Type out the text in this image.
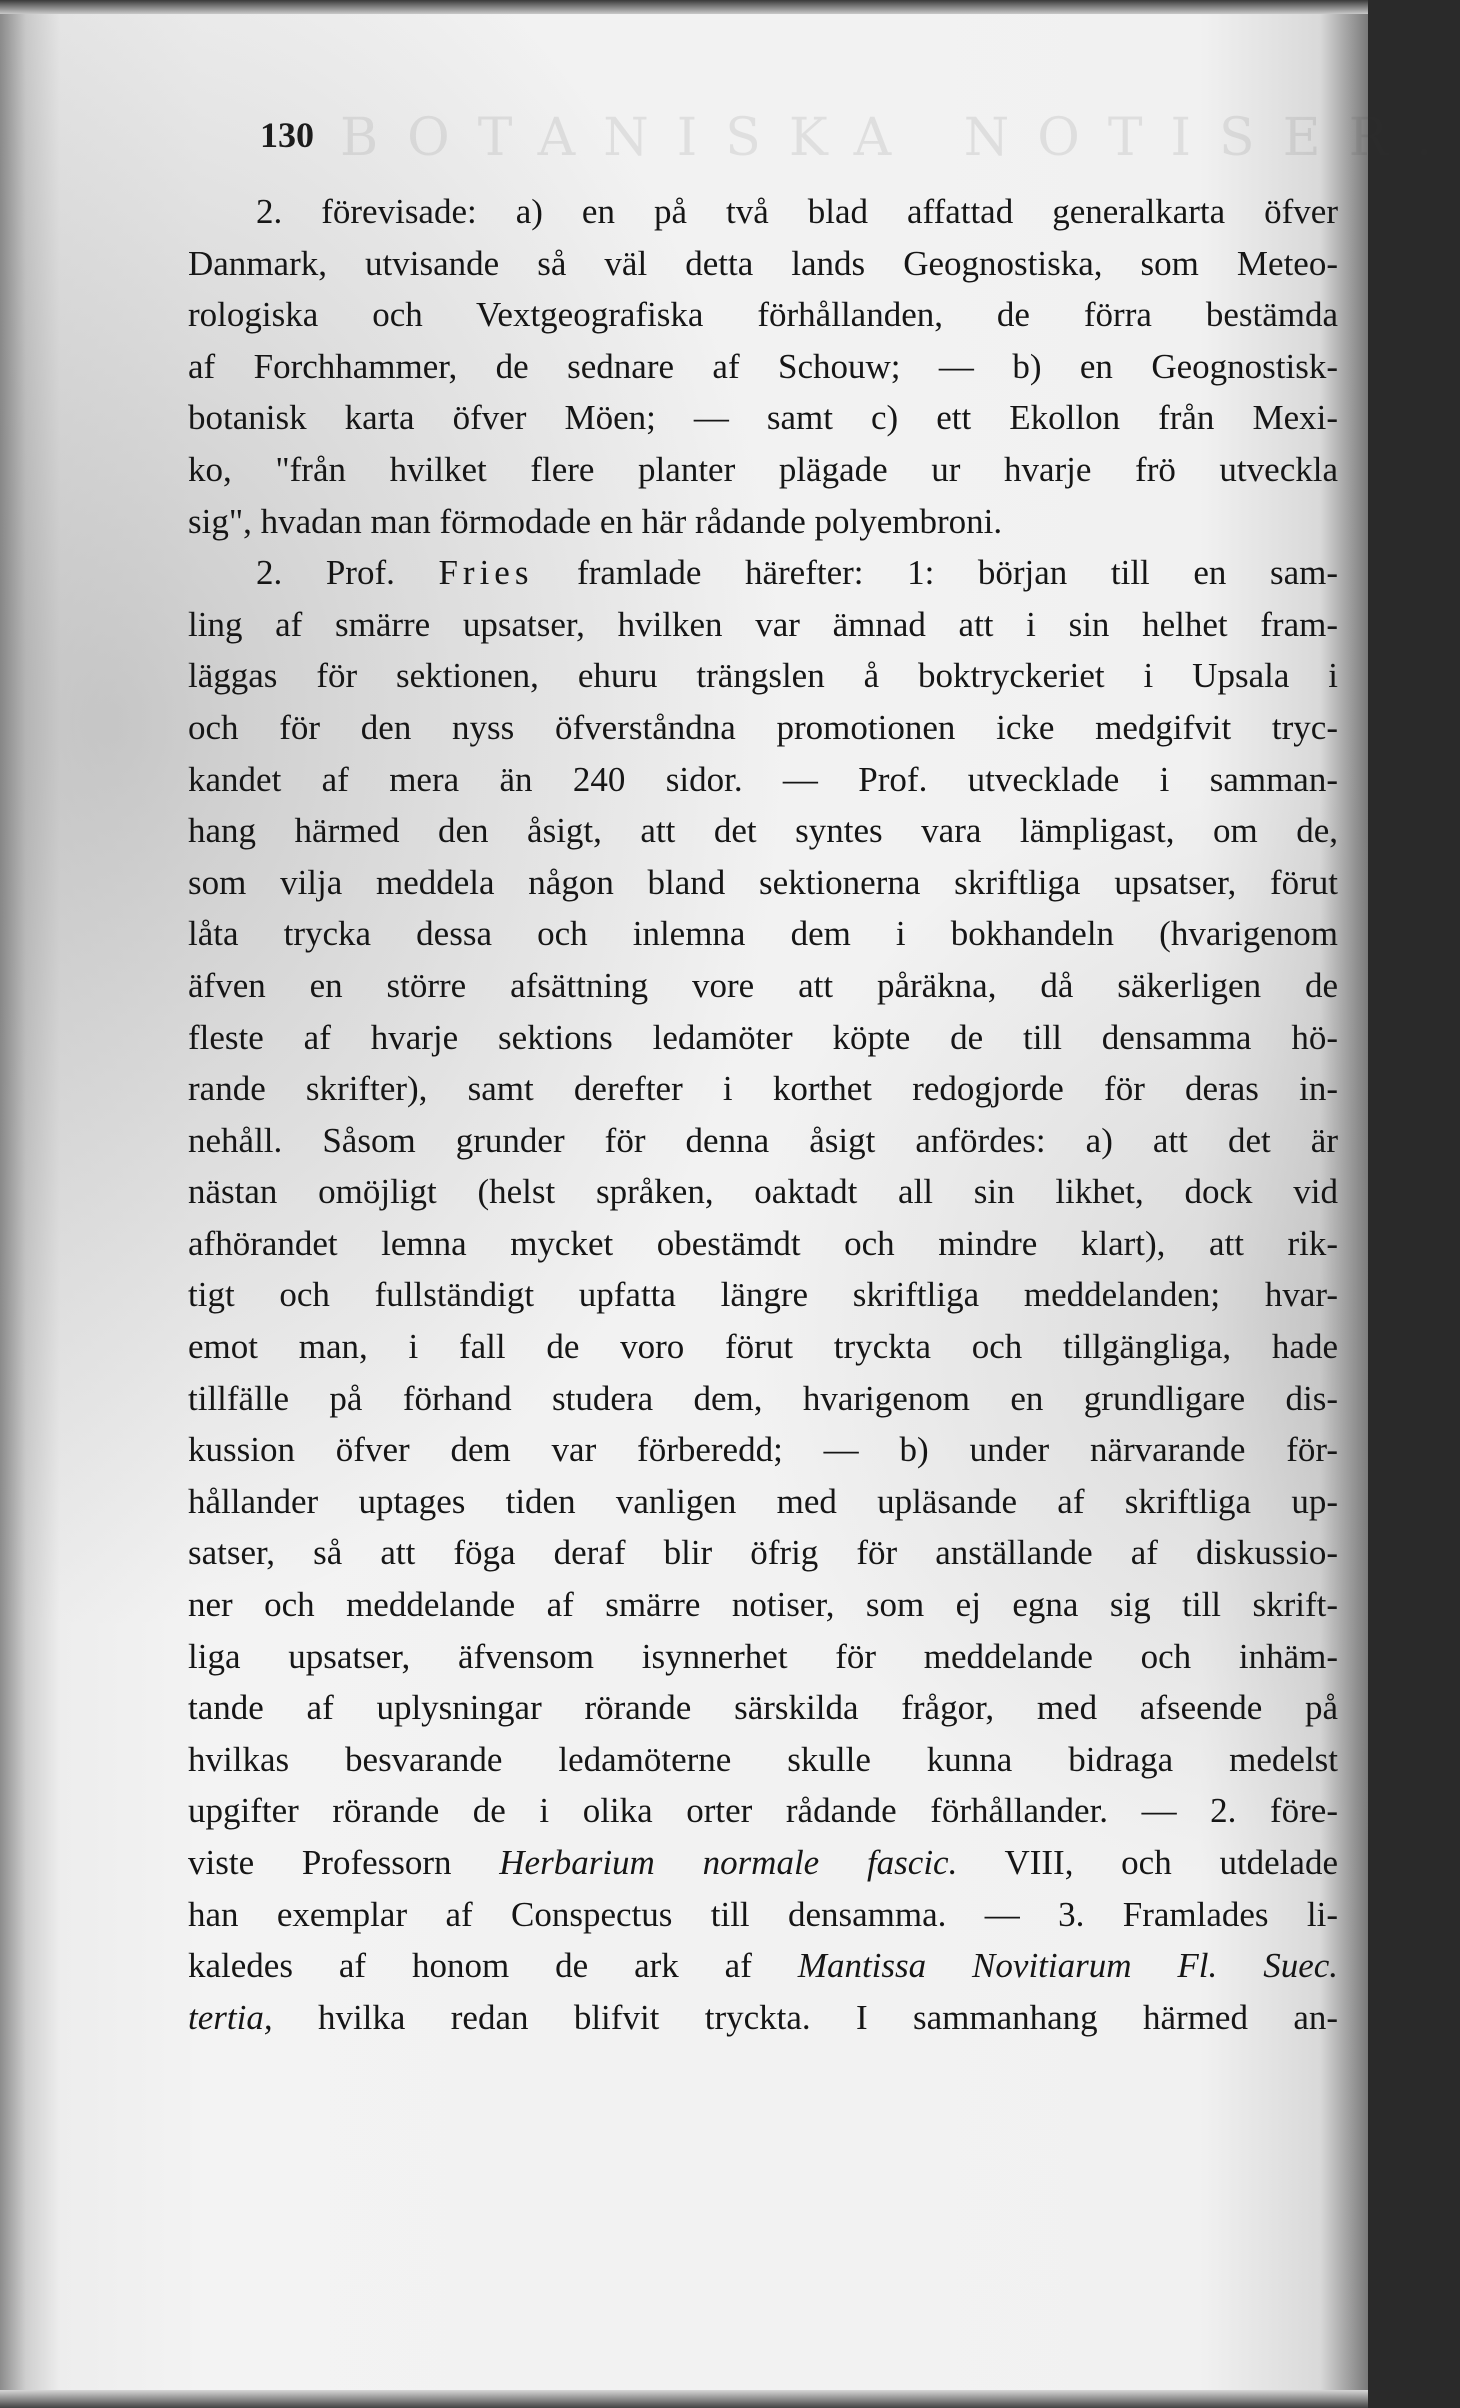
BOTANISKA NOTISER.
130
2. förevisade: a) en på två blad affattad generalkarta öfver
Danmark, utvisande så väl detta lands Geognostiska, som Meteo-
rologiska och Vextgeografiska förhållanden, de förra bestämda
af Forchhammer, de sednare af Schouw; — b) en Geognostisk-
botanisk karta öfver Möen; — samt c) ett Ekollon från Mexi-
ko, "från hvilket flere planter plägade ur hvarje frö utveckla
sig", hvadan man förmodade en här rådande polyembroni.
2. Prof. Fries framlade härefter: 1: början till en sam-
ling af smärre upsatser, hvilken var ämnad att i sin helhet fram-
läggas för sektionen, ehuru trängslen å boktryckeriet i Upsala i
och för den nyss öfverståndna promotionen icke medgifvit tryc-
kandet af mera än 240 sidor. — Prof. utvecklade i samman-
hang härmed den åsigt, att det syntes vara lämpligast, om de,
som vilja meddela någon bland sektionerna skriftliga upsatser, förut
låta trycka dessa och inlemna dem i bokhandeln (hvarigenom
äfven en större afsättning vore att påräkna, då säkerligen de
fleste af hvarje sektions ledamöter köpte de till densamma hö-
rande skrifter), samt derefter i korthet redogjorde för deras in-
nehåll. Såsom grunder för denna åsigt anfördes: a) att det är
nästan omöjligt (helst språken, oaktadt all sin likhet, dock vid
afhörandet lemna mycket obestämdt och mindre klart), att rik-
tigt och fullständigt upfatta längre skriftliga meddelanden; hvar-
emot man, i fall de voro förut tryckta och tillgängliga, hade
tillfälle på förhand studera dem, hvarigenom en grundligare dis-
kussion öfver dem var förberedd; — b) under närvarande för-
hållander uptages tiden vanligen med upläsande af skriftliga up-
satser, så att föga deraf blir öfrig för anställande af diskussio-
ner och meddelande af smärre notiser, som ej egna sig till skrift-
liga upsatser, äfvensom isynnerhet för meddelande och inhäm-
tande af uplysningar rörande särskilda frågor, med afseende på
hvilkas besvarande ledamöterne skulle kunna bidraga medelst
upgifter rörande de i olika orter rådande förhållander. — 2. före-
viste Professorn Herbarium normale fascic. VIII, och utdelade
han exemplar af Conspectus till densamma. — 3. Framlades li-
kaledes af honom de ark af Mantissa Novitiarum Fl. Suec.
tertia, hvilka redan blifvit tryckta. I sammanhang härmed an-
